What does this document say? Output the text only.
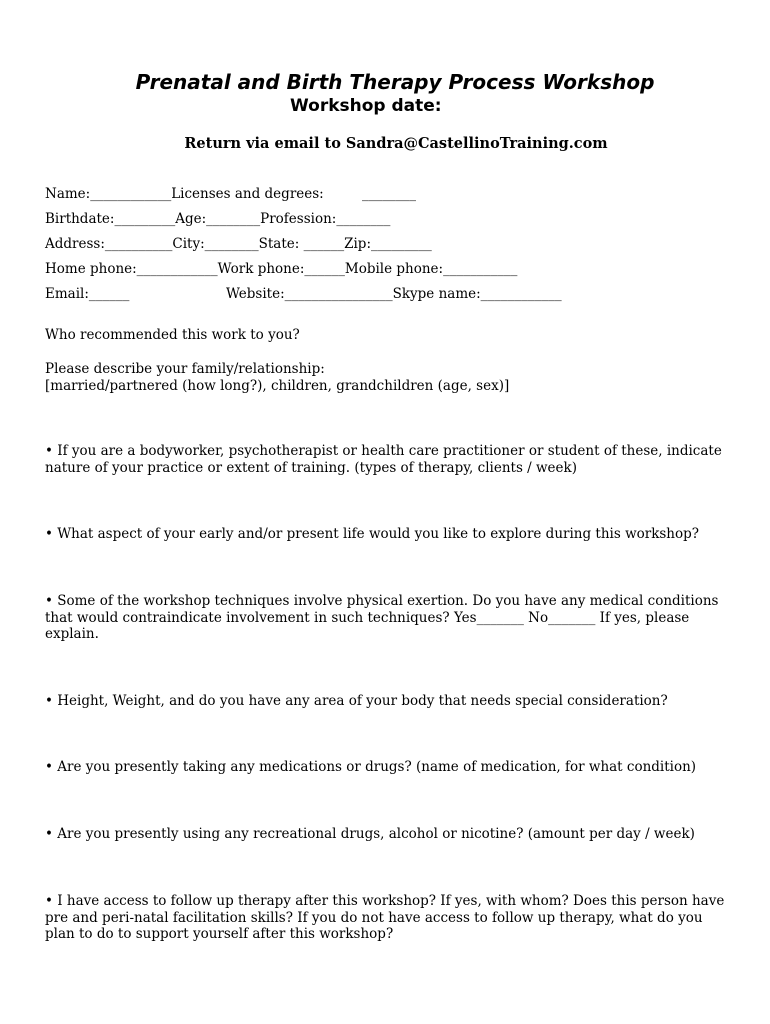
Prenatal and Birth Therapy Process Workshop
Workshop date:
Return via email to Sandra@CastellinoTraining.com

Name:____________Licenses and degrees:

	________

Birthdate:_________Age:________Profession:________

Address:__________City:________State: ______Zip:_________

Home phone:____________Work phone:______Mobile phone:___________

Email:______

	Website:________________Skype name:____________

Who recommended this work to you?

Please describe your family/relationship:

[married/partnered (how long?), children, grandchildren (age, sex)]

• If you are a bodyworker, psychotherapist or health care practitioner or student of these, indicate nature of your practice or extent of training. (types of therapy, clients / week)

• What aspect of your early and/or present life would you like to explore during this workshop?

• Some of the workshop techniques involve physical exertion. Do you have any medical conditions that would contraindicate involvement in such techniques? Yes_______ No_______ If yes, please explain.

• Height, Weight, and do you have any area of your body that needs special consideration?

• Are you presently taking any medications or drugs? (name of medication, for what condition)

• Are you presently using any recreational drugs, alcohol or nicotine? (amount per day / week)

• I have access to follow up therapy after this workshop? If yes, with whom? Does this person have pre and peri-natal facilitation skills? If you do not have access to follow up therapy, what do you plan to do to support yourself after this workshop?
